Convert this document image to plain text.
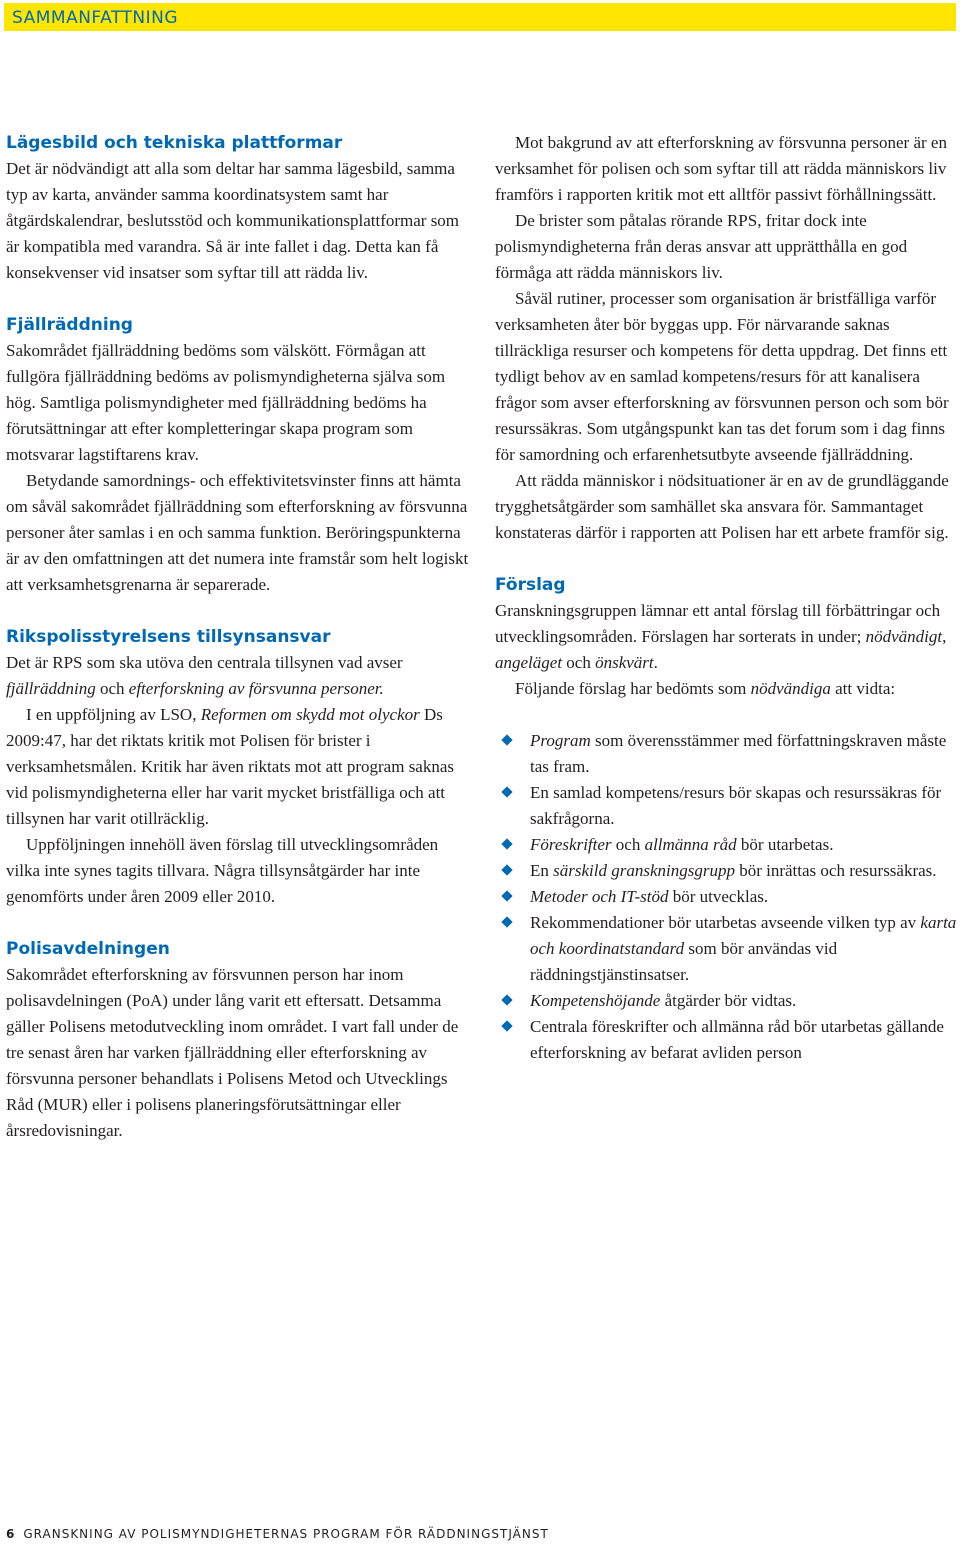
SAMMANFATTNING
Lägesbild och tekniska plattformar

Det är nödvändigt att alla som deltar har samma lägesbild, samma typ av karta, använder samma koordinatsystem samt har åtgärdskalendrar, beslutsstöd och kommunikationsplattformar som är kompatibla med varandra. Så är inte fallet i dag. Detta kan få konsekvenser vid insatser som syftar till att rädda liv.

Fjällräddning

Sakområdet fjällräddning bedöms som välskött. Förmågan att fullgöra fjällräddning bedöms av polismyndigheterna själva som hög. Samtliga polismyndigheter med fjällräddning bedöms ha förutsättningar att efter kompletteringar skapa program som motsvarar lagstiftarens krav.

Betydande samordnings- och effektivitetsvinster finns att hämta om såväl sakområdet fjällräddning som efterforskning av försvunna personer åter samlas i en och samma funktion. Beröringspunkterna är av den omfattningen att det numera inte framstår som helt logiskt att verksamhetsgrenarna är separerade.

Rikspolisstyrelsens tillsynsansvar

Det är RPS som ska utöva den centrala tillsynen vad avser fjällräddning och efterforskning av försvunna personer.

I en uppföljning av LSO, Reformen om skydd mot olyckor Ds 2009:47, har det riktats kritik mot Polisen för brister i verksamhetsmålen. Kritik har även riktats mot att program saknas vid polismyndigheterna eller har varit mycket bristfälliga och att tillsynen har varit otillräcklig.

Uppföljningen innehöll även förslag till utvecklingsområden vilka inte synes tagits tillvara. Några tillsynsåtgärder har inte genomförts under åren 2009 eller 2010.

Polisavdelningen

Sakområdet efterforskning av försvunnen person har inom polisavdelningen (PoA) under lång varit ett eftersatt. Detsamma gäller Polisens metodutveckling inom området. I vart fall under de tre senast åren har varken fjällräddning eller efterforskning av försvunna personer behandlats i Polisens Metod och Utvecklings Råd (MUR) eller i polisens planeringsförutsättningar eller årsredovisningar.

Mot bakgrund av att efterforskning av försvunna personer är en verksamhet för polisen och som syftar till att rädda människors liv framförs i rapporten kritik mot ett alltför passivt förhållningssätt.

De brister som påtalas rörande RPS, fritar dock inte polismyndigheterna från deras ansvar att upprätthålla en god förmåga att rädda människors liv.

Såväl rutiner, processer som organisation är bristfälliga varför verksamheten åter bör byggas upp. För närvarande saknas tillräckliga resurser och kompetens för detta uppdrag. Det finns ett tydligt behov av en samlad kompetens/resurs för att kanalisera frågor som avser efterforskning av försvunnen person och som bör resurssäkras. Som utgångspunkt kan tas det forum som i dag finns för samordning och erfarenhetsutbyte avseende fjällräddning.

Att rädda människor i nödsituationer är en av de grundläggande trygghetsåtgärder som samhället ska ansvara för. Sammantaget konstateras därför i rapporten att Polisen har ett arbete framför sig.

Förslag

Granskningsgruppen lämnar ett antal förslag till förbättringar och utvecklingsområden. Förslagen har sorterats in under; nödvändigt, angeläget och önskvärt.

Följande förslag har bedömts som nödvändiga att vidta:

Program som överensstämmer med författningskraven måste tas fram.
En samlad kompetens/resurs bör skapas och resurssäkras för sakfrågorna.
Föreskrifter och allmänna råd bör utarbetas.
En särskild granskningsgrupp bör inrättas och resurssäkras.
Metoder och IT-stöd bör utvecklas.
Rekommendationer bör utarbetas avseende vilken typ av karta och koordinatstandard som bör användas vid räddningstjänstinsatser.
Kompetenshöjande åtgärder bör vidtas.
Centrala föreskrifter och allmänna råd bör utarbetas gällande efterforskning av befarat avliden person
6 GRANSKNING AV POLISMYNDIGHETERNAS PROGRAM FÖR RÄDDNINGSTJÄNST
